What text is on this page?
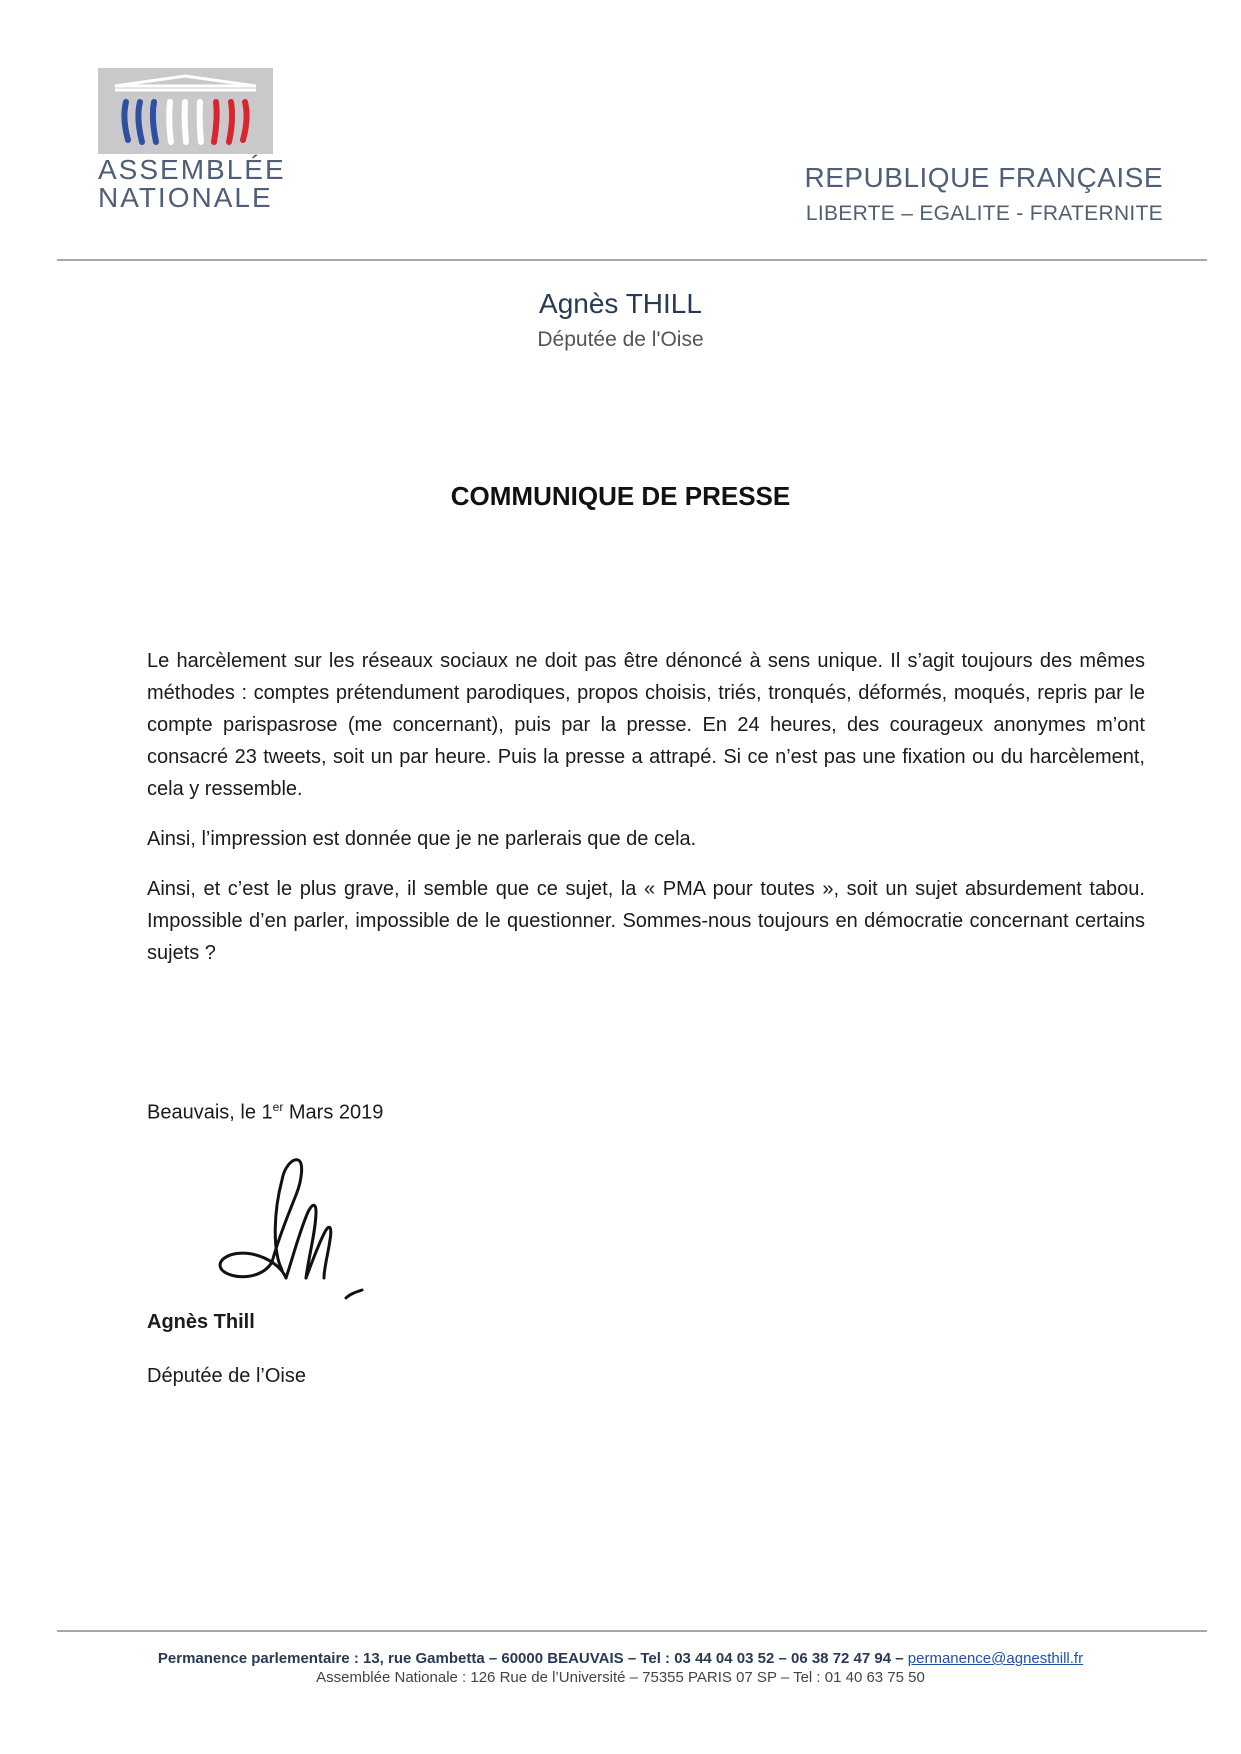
ASSEMBLÉE
NATIONALE
REPUBLIQUE FRANÇAISE
LIBERTE – EGALITE - FRATERNITE
Agnès THILL
Députée de l'Oise
COMMUNIQUE DE PRESSE

Le harcèlement sur les réseaux sociaux ne doit pas être dénoncé à sens unique. Il s’agit toujours des mêmes méthodes : comptes prétendument parodiques, propos choisis, triés, tronqués, déformés, moqués, repris par le compte parispasrose (me concernant), puis par la presse. En 24 heures, des courageux anonymes m’ont consacré 23 tweets, soit un par heure. Puis la presse a attrapé. Si ce n’est pas une fixation ou du harcèlement, cela y ressemble.

Ainsi, l’impression est donnée que je ne parlerais que de cela.

Ainsi, et c’est le plus grave, il semble que ce sujet, la « PMA pour toutes », soit un sujet absurdement tabou. Impossible d’en parler, impossible de le questionner. Sommes-nous toujours en démocratie concernant certains sujets ?

Beauvais, le 1er Mars 2019
Agnès Thill
Députée de l’Oise
Permanence parlementaire : 13, rue Gambetta – 60000 BEAUVAIS – Tel : 03 44 04 03 52 – 06 38 72 47 94 – permanence@agnesthill.fr
Assemblée Nationale : 126 Rue de l’Université – 75355 PARIS 07 SP – Tel : 01 40 63 75 50
